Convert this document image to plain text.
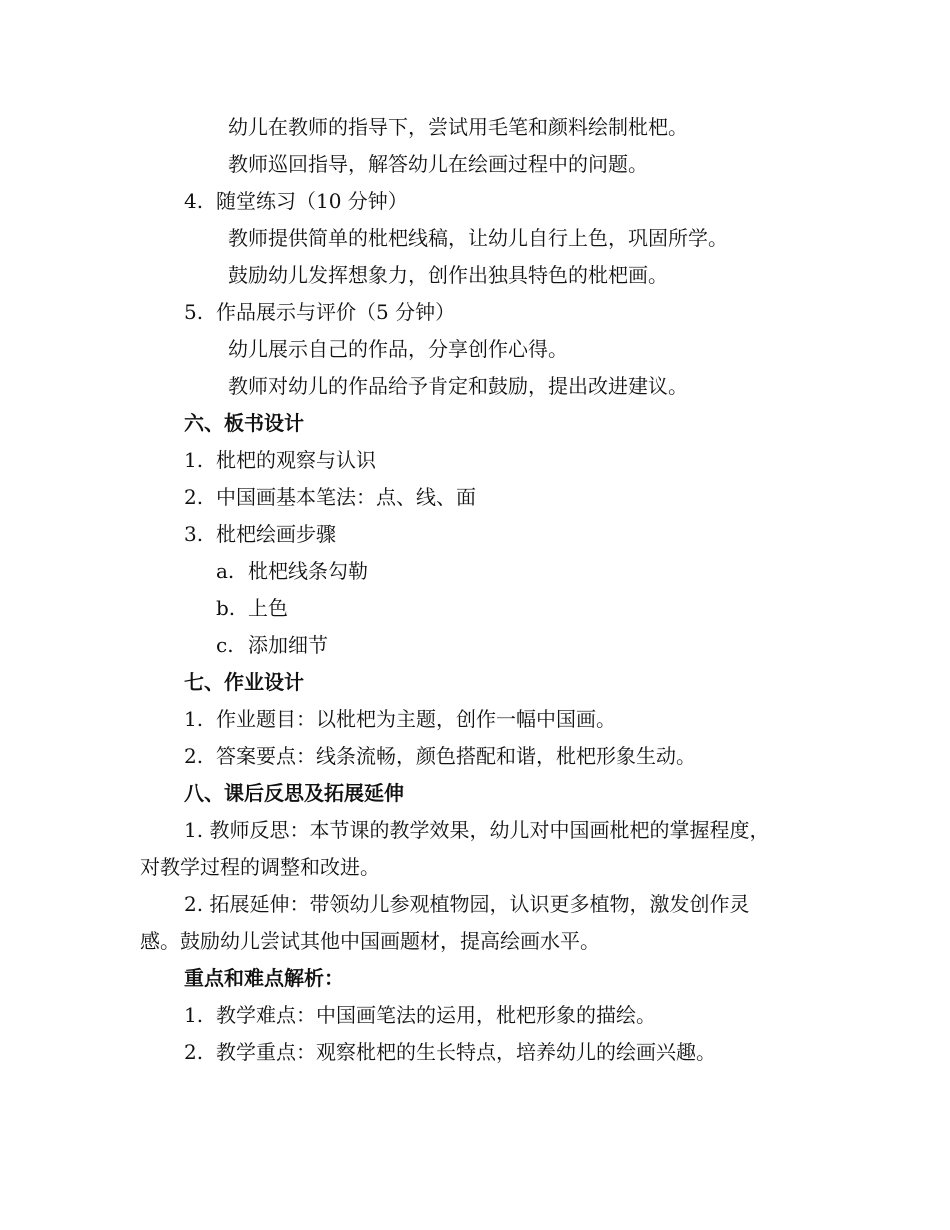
幼儿在教师的指导下，尝试用毛笔和颜料绘制枇杷。
教师巡回指导，解答幼儿在绘画过程中的问题。
4. 随堂练习（10 分钟）
教师提供简单的枇杷线稿，让幼儿自行上色，巩固所学。
鼓励幼儿发挥想象力，创作出独具特色的枇杷画。
5. 作品展示与评价（5 分钟）
幼儿展示自己的作品，分享创作心得。
教师对幼儿的作品给予肯定和鼓励，提出改进建议。
六、板书设计
1. 枇杷的观察与认识
2. 中国画基本笔法：点、线、面
3. 枇杷绘画步骤
a. 枇杷线条勾勒
b. 上色
c. 添加细节
七、作业设计
1. 作业题目：以枇杷为主题，创作一幅中国画。
2. 答案要点：线条流畅，颜色搭配和谐，枇杷形象生动。
八、课后反思及拓展延伸
1. 教师反思：本节课的教学效果，幼儿对中国画枇杷的掌握程度，
对教学过程的调整和改进。
2. 拓展延伸：带领幼儿参观植物园，认识更多植物，激发创作灵
感。鼓励幼儿尝试其他中国画题材，提高绘画水平。
重点和难点解析：
1. 教学难点：中国画笔法的运用，枇杷形象的描绘。
2. 教学重点：观察枇杷的生长特点，培养幼儿的绘画兴趣。
